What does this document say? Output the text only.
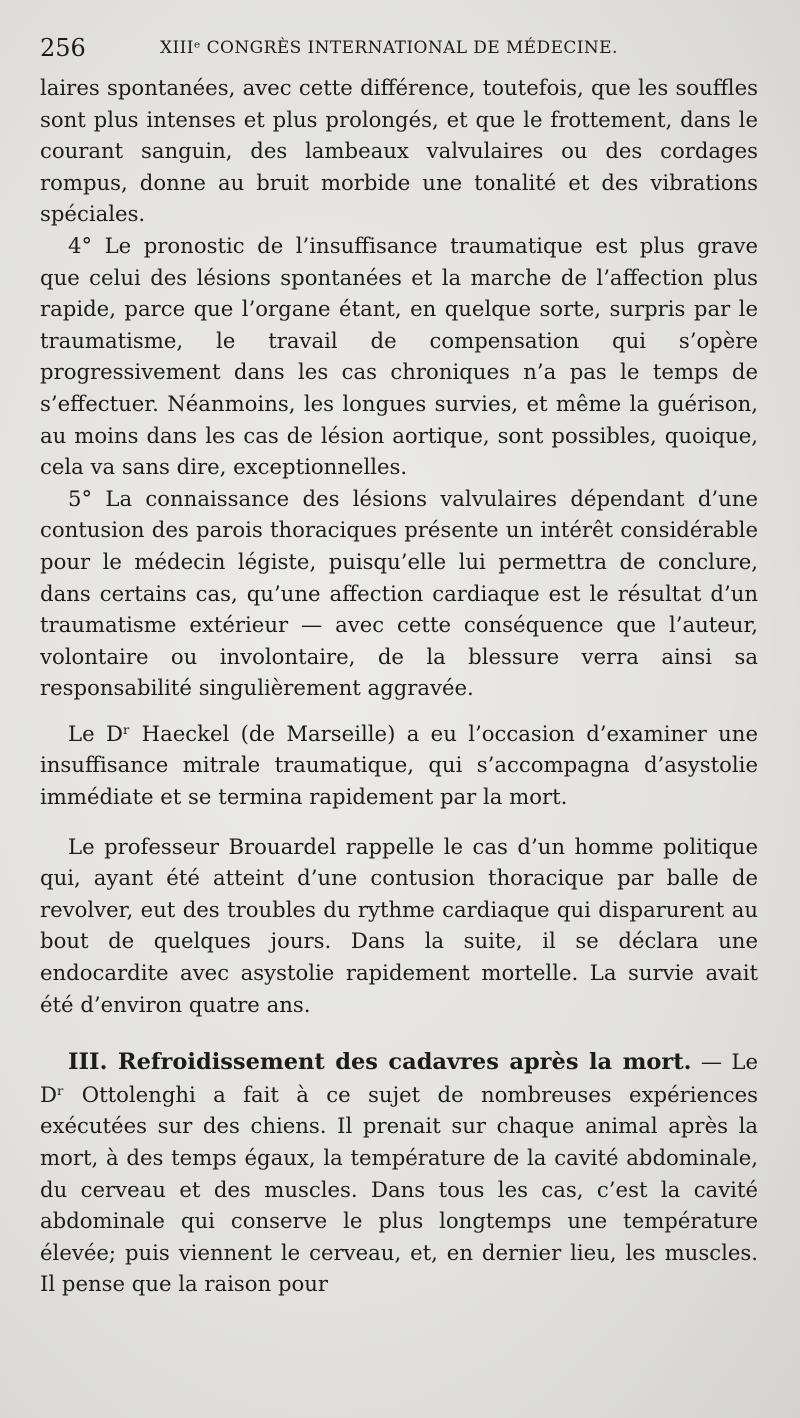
256	XIIIᵉ CONGRÈS INTERNATIONAL DE MÉDECINE.

laires spontanées, avec cette différence, toutefois, que les souffles sont plus intenses et plus prolongés, et que le frottement, dans le courant sanguin, des lambeaux valvulaires ou des cordages rompus, donne au bruit morbide une tonalité et des vibrations spéciales.

4° Le pronostic de l’insuffisance traumatique est plus grave que celui des lésions spontanées et la marche de l’affection plus rapide, parce que l’organe étant, en quelque sorte, surpris par le traumatisme, le travail de compensation qui s’opère progressivement dans les cas chroniques n’a pas le temps de s’effectuer. Néanmoins, les longues survies, et même la guérison, au moins dans les cas de lésion aortique, sont possibles, quoique, cela va sans dire, exceptionnelles.

5° La connaissance des lésions valvulaires dépendant d’une contusion des parois thoraciques présente un intérêt considérable pour le médecin légiste, puisqu’elle lui permettra de conclure, dans certains cas, qu’une affection cardiaque est le résultat d’un traumatisme extérieur — avec cette conséquence que l’auteur, volontaire ou involontaire, de la blessure verra ainsi sa responsabilité singulièrement aggravée.

Le Dʳ Haeckel (de Marseille) a eu l’occasion d’examiner une insuffisance mitrale traumatique, qui s’accompagna d’asystolie immédiate et se termina rapidement par la mort.

Le professeur Brouardel rappelle le cas d’un homme politique qui, ayant été atteint d’une contusion thoracique par balle de revolver, eut des troubles du rythme cardiaque qui disparurent au bout de quelques jours. Dans la suite, il se déclara une endocardite avec asystolie rapidement mortelle. La survie avait été d’environ quatre ans.

III. Refroidissement des cadavres après la mort. — Le Dʳ Ottolenghi a fait à ce sujet de nombreuses expériences exécutées sur des chiens. Il prenait sur chaque animal après la mort, à des temps égaux, la température de la cavité abdominale, du cerveau et des muscles. Dans tous les cas, c’est la cavité abdominale qui conserve le plus longtemps une température élevée; puis viennent le cerveau, et, en dernier lieu, les muscles. Il pense que la raison pour
